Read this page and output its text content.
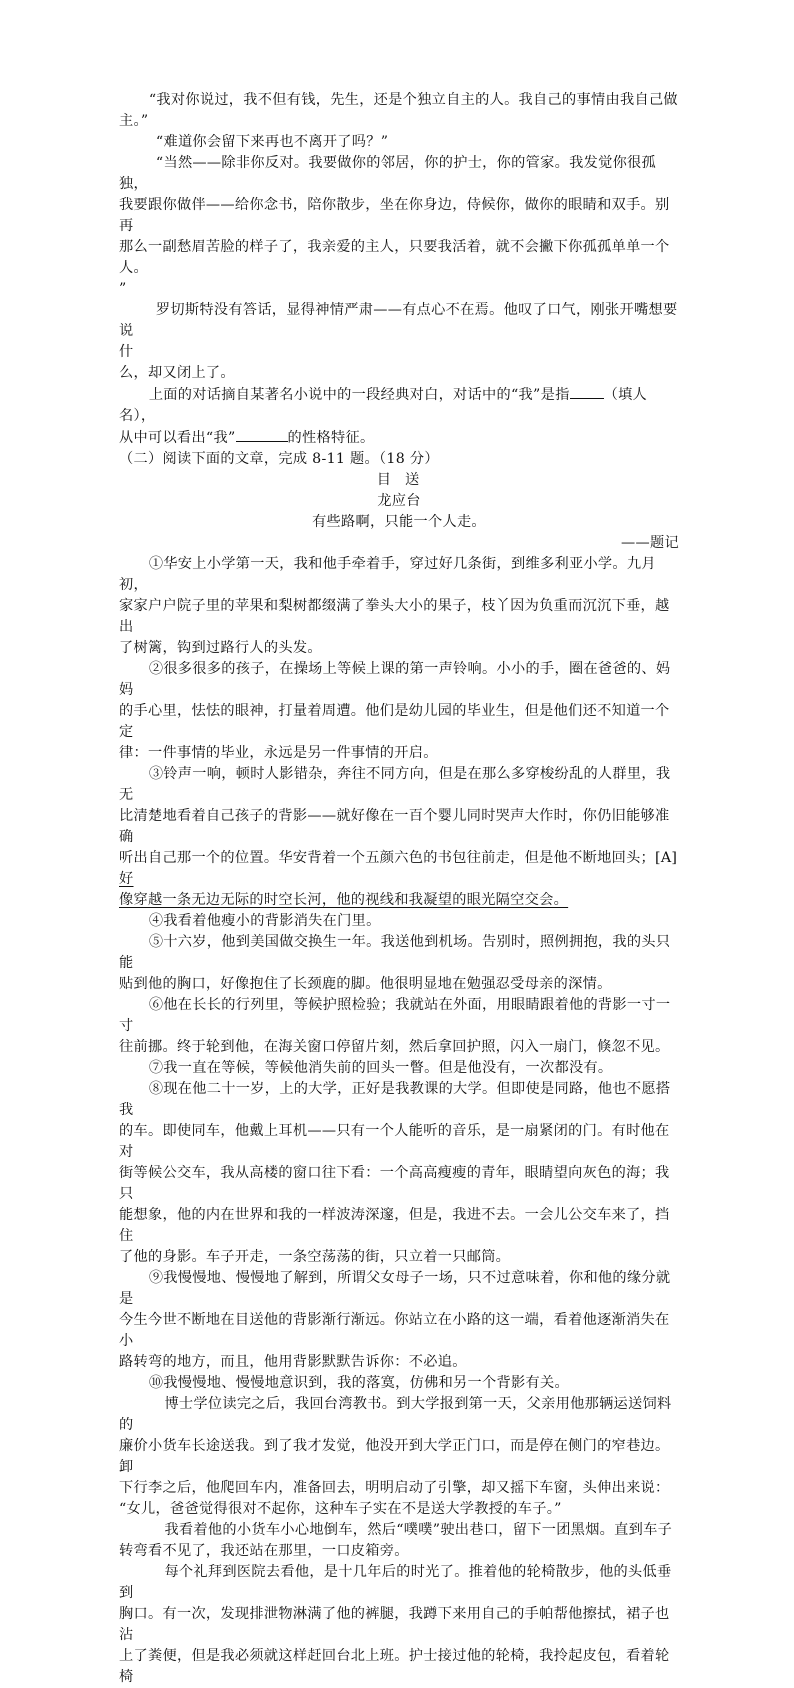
“我对你说过，我不但有钱，先生，还是个独立自主的人。我自己的事情由我自己做

主。”

“难道你会留下来再也不离开了吗？”

“当然——除非你反对。我要做你的邻居，你的护士，你的管家。我发觉你很孤独，

我要跟你做伴——给你念书，陪你散步，坐在你身边，侍候你，做你的眼睛和双手。别再

那么一副愁眉苦脸的样子了，我亲爱的主人，只要我活着，就不会撇下你孤孤单单一个人。

”

罗切斯特没有答话，显得神情严肃——有点心不在焉。他叹了口气，刚张开嘴想要说

什

么，却又闭上了。

上面的对话摘自某著名小说中的一段经典对白，对话中的“我”是指 （填人名），

从中可以看出“我”	的性格特征。

（二）阅读下面的文章，完成 8-11 题。（18 分）

目送

龙应台

有些路啊，只能一个人走。

——题记

①华安上小学第一天，我和他手牵着手，穿过好几条街，到维多利亚小学。九月初，

家家户户院子里的苹果和梨树都缀满了拳头大小的果子，枝丫因为负重而沉沉下垂，越出

了树篱，钩到过路行人的头发。

②很多很多的孩子，在操场上等候上课的第一声铃响。小小的手，圈在爸爸的、妈妈

的手心里，怯怯的眼神，打量着周遭。他们是幼儿园的毕业生，但是他们还不知道一个定

律：一件事情的毕业，永远是另一件事情的开启。

③铃声一响，顿时人影错杂，奔往不同方向，但是在那么多穿梭纷乱的人群里，我无

比清楚地看着自己孩子的背影——就好像在一百个婴儿同时哭声大作时，你仍旧能够准确

听出自己那一个的位置。华安背着一个五颜六色的书包往前走，但是他不断地回头；[A]好

像穿越一条无边无际的时空长河，他的视线和我凝望的眼光隔空交会。

④我看着他瘦小的背影消失在门里。

⑤十六岁，他到美国做交换生一年。我送他到机场。告别时，照例拥抱，我的头只能

贴到他的胸口，好像抱住了长颈鹿的脚。他很明显地在勉强忍受母亲的深情。

⑥他在长长的行列里，等候护照检验；我就站在外面，用眼睛跟着他的背影一寸一寸

往前挪。终于轮到他，在海关窗口停留片刻，然后拿回护照，闪入一扇门，倏忽不见。

⑦我一直在等候，等候他消失前的回头一瞥。但是他没有，一次都没有。

⑧现在他二十一岁，上的大学，正好是我教课的大学。但即使是同路，他也不愿搭我

的车。即使同车，他戴上耳机——只有一个人能听的音乐，是一扇紧闭的门。有时他在对

街等候公交车，我从高楼的窗口往下看：一个高高瘦瘦的青年，眼睛望向灰色的海；我只

能想象，他的内在世界和我的一样波涛深邃，但是，我进不去。一会儿公交车来了，挡住

了他的身影。车子开走，一条空荡荡的街，只立着一只邮筒。

⑨我慢慢地、慢慢地了解到，所谓父女母子一场，只不过意味着，你和他的缘分就是

今生今世不断地在目送他的背影渐行渐远。你站立在小路的这一端，看着他逐渐消失在小

路转弯的地方，而且，他用背影默默告诉你：不必追。

⑩我慢慢地、慢慢地意识到，我的落寞，仿佛和另一个背影有关。

博士学位读完之后，我回台湾教书。到大学报到第一天，父亲用他那辆运送饲料的

廉价小货车长途送我。到了我才发觉，他没开到大学正门口，而是停在侧门的窄巷边。卸

下行李之后，他爬回车内，准备回去，明明启动了引擎，却又摇下车窗，头伸出来说：

“女儿，爸爸觉得很对不起你，这种车子实在不是送大学教授的车子。”

我看着他的小货车小心地倒车，然后“噗噗”驶出巷口，留下一团黑烟。直到车子

转弯看不见了，我还站在那里，一口皮箱旁。

每个礼拜到医院去看他，是十几年后的时光了。推着他的轮椅散步，他的头低垂到

胸口。有一次，发现排泄物淋满了他的裤腿，我蹲下来用自己的手帕帮他擦拭，裙子也沾

上了粪便，但是我必须就这样赶回台北上班。护士接过他的轮椅，我拎起皮包，看着轮椅
